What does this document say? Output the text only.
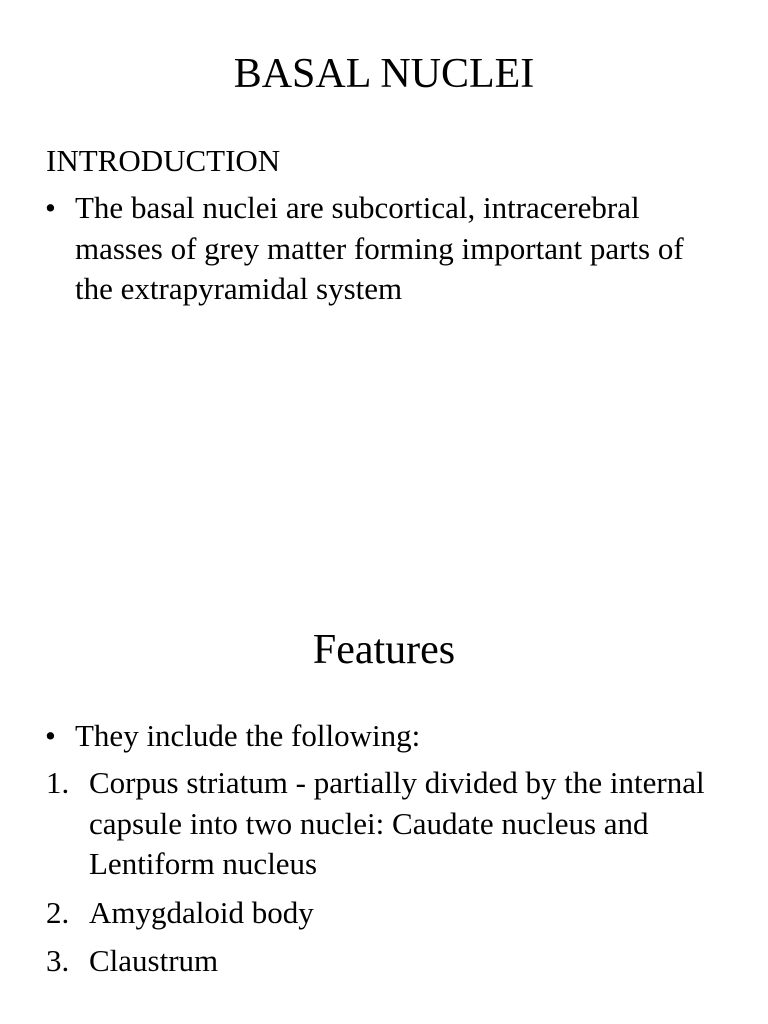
BASAL NUCLEI
INTRODUCTION
• The basal nuclei are subcortical, intracerebral masses of grey matter forming important parts of the extrapyramidal system
Features
• They include the following:
1. Corpus striatum - partially divided by the internal capsule into two nuclei: Caudate nucleus and Lentiform nucleus
2. Amygdaloid body
3. Claustrum
